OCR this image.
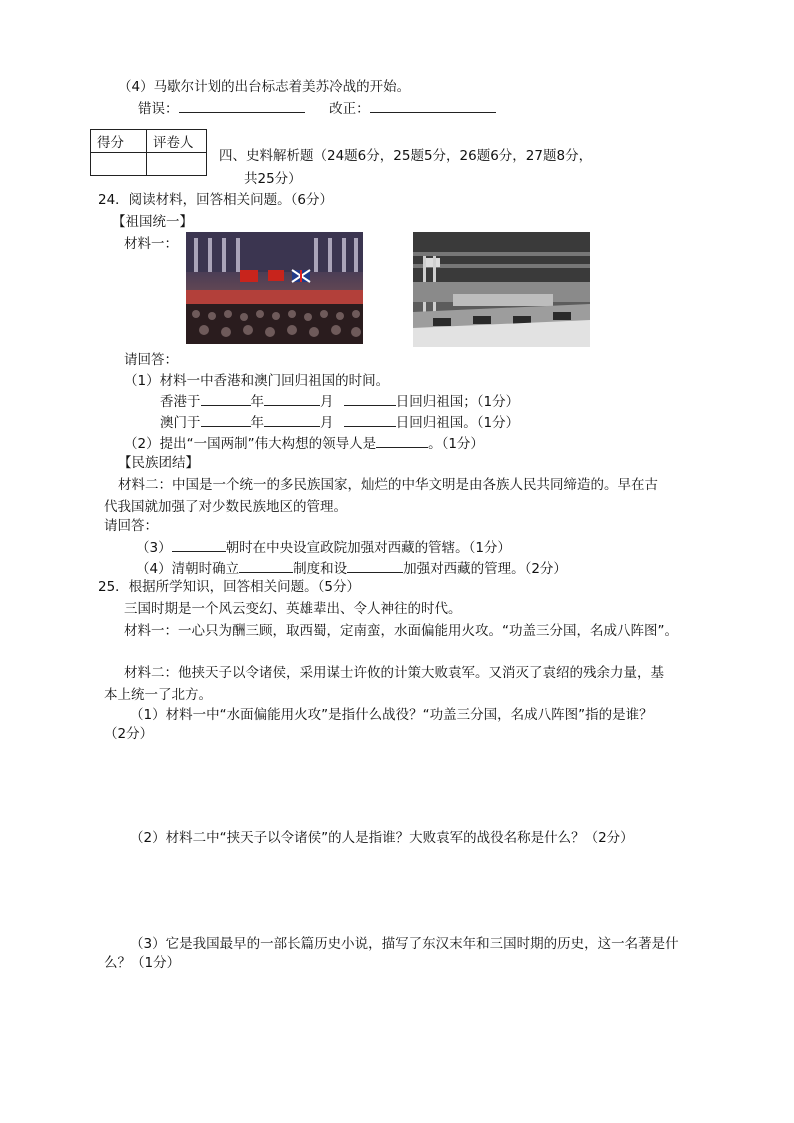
（4）马歇尔计划的出台标志着美苏冷战的开始。
错误：	改正：
得分	评卷人

四、史料解析题（24题6分，25题5分，26题6分，27题8分，
共25分）
24．阅读材料，回答相关问题。（6分）
【祖国统一】
材料一：
请回答：
（1）材料一中香港和澳门回归祖国的时间。
香港于	年	月	日回归祖国；（1分）
澳门于	年	月	日回归祖国。（1分）
（2）提出“一国两制”伟大构想的领导人是	。（1分）
【民族团结】
材料二：中国是一个统一的多民族国家，灿烂的中华文明是由各族人民共同缔造的。早在古
代我国就加强了对少数民族地区的管理。
请回答：
（3）	朝时在中央设宣政院加强对西藏的管辖。（1分）
（4）清朝时确立	制度和设	加强对西藏的管理。（2分）
25．根据所学知识，回答相关问题。（5分）
三国时期是一个风云变幻、英雄辈出、令人神往的时代。
材料一：一心只为酬三顾，取西蜀，定南蛮，水面偏能用火攻。“功盖三分国，名成八阵图”。
材料二：他挟天子以令诸侯，采用谋士许攸的计策大败袁军。又消灭了袁绍的残余力量，基
本上统一了北方。
（1）材料一中“水面偏能用火攻”是指什么战役？“功盖三分国，名成八阵图”指的是谁？
（2分）
（2）材料二中“挟天子以令诸侯”的人是指谁？大败袁军的战役名称是什么？（2分）
（3）它是我国最早的一部长篇历史小说，描写了东汉末年和三国时期的历史，这一名著是什
么？（1分）
